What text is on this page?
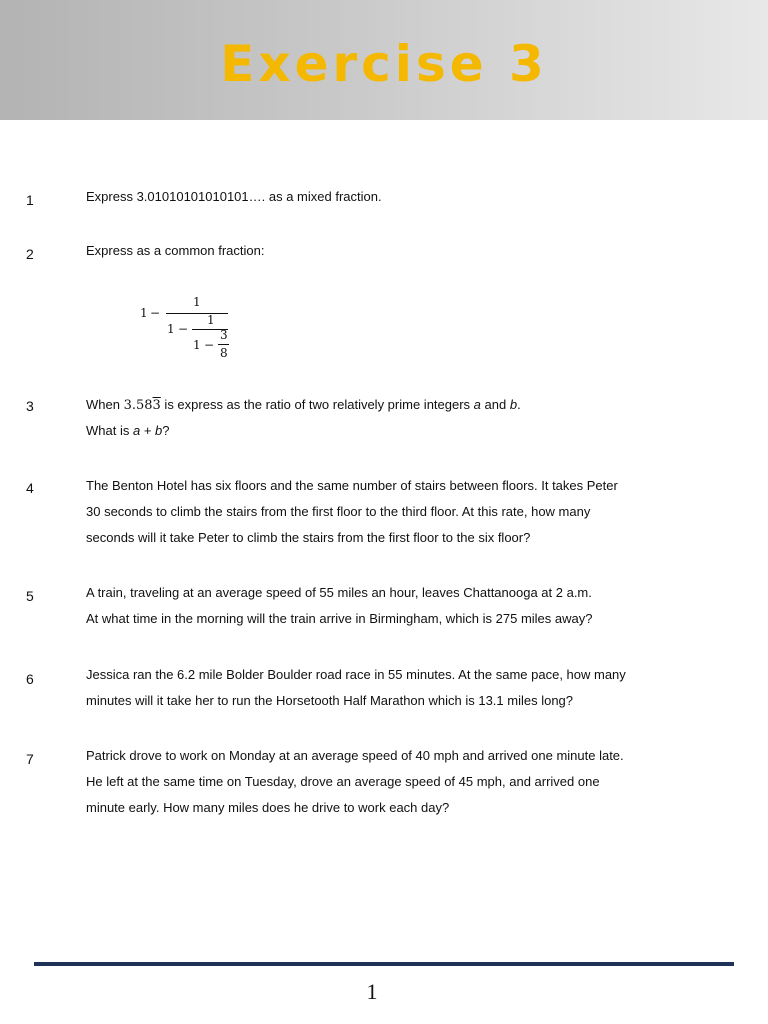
Exercise 3
1	Express 3.01010101010101…. as a mixed fraction.
2	Express as a common fraction:
1 −
1
1 −
1
1 −
3
8
3	When 3.583 is express as the ratio of two relatively prime integers a and b.
What is a + b?
4	The Benton Hotel has six floors and the same number of stairs between floors. It takes Peter
30 seconds to climb the stairs from the first floor to the third floor. At this rate, how many
seconds will it take Peter to climb the stairs from the first floor to the six floor?
5	A train, traveling at an average speed of 55 miles an hour, leaves Chattanooga at 2 a.m.
At what time in the morning will the train arrive in Birmingham, which is 275 miles away?
6	Jessica ran the 6.2 mile Bolder Boulder road race in 55 minutes. At the same pace, how many
minutes will it take her to run the Horsetooth Half Marathon which is 13.1 miles long?
7	Patrick drove to work on Monday at an average speed of 40 mph and arrived one minute late.
He left at the same time on Tuesday, drove an average speed of 45 mph, and arrived one
minute early. How many miles does he drive to work each day?
1
